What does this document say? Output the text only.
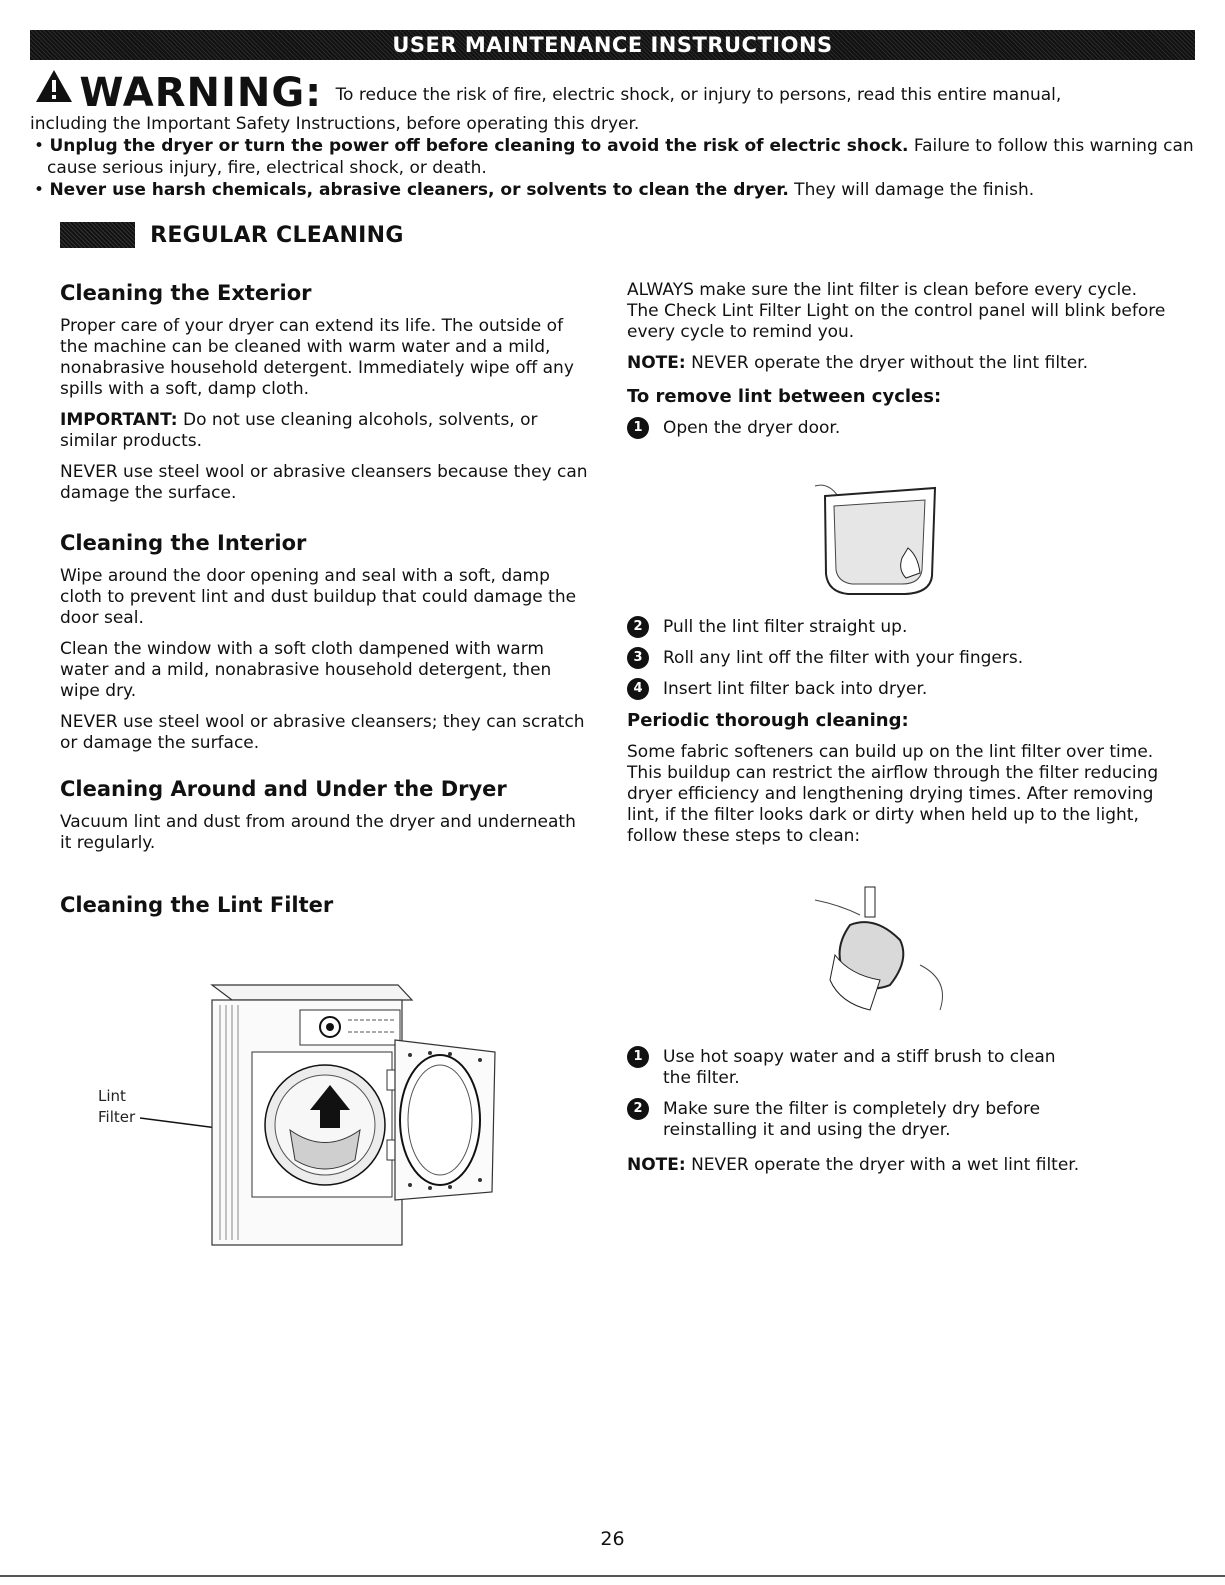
USER MAINTENANCE INSTRUCTIONS
WARNING: To reduce the risk of fire, electric shock, or injury to persons, read this entire manual,
including the Important Safety Instructions, before operating this dryer.
• Unplug the dryer or turn the power off before cleaning to avoid the risk of electric shock. Failure to follow this warning can cause serious injury, fire, electrical shock, or death.
• Never use harsh chemicals, abrasive cleaners, or solvents to clean the dryer. They will damage the finish.
REGULAR CLEANING
Cleaning the Exterior

Proper care of your dryer can extend its life. The outside of the machine can be cleaned with warm water and a mild, nonabrasive household detergent. Immediately wipe off any spills with a soft, damp cloth.

IMPORTANT: Do not use cleaning alcohols, solvents, or similar products.

NEVER use steel wool or abrasive cleansers because they can damage the surface.

Cleaning the Interior

Wipe around the door opening and seal with a soft, damp cloth to prevent lint and dust buildup that could damage the door seal.

Clean the window with a soft cloth dampened with warm water and a mild, nonabrasive household detergent, then wipe dry.

NEVER use steel wool or abrasive cleansers; they can scratch or damage the surface.

Cleaning Around and Under the Dryer

Vacuum lint and dust from around the dryer and underneath it regularly.

Cleaning the Lint Filter
Lint
Filter

ALWAYS make sure the lint filter is clean before every cycle. The Check Lint Filter Light on the control panel will blink before every cycle to remind you.

NOTE: NEVER operate the dryer without the lint filter.

To remove lint between cycles:
1	Open the dryer door.
2	Pull the lint filter straight up.
3	Roll any lint off the filter with your fingers.
4	Insert lint filter back into dryer.
Periodic thorough cleaning:

Some fabric softeners can build up on the lint filter over time. This buildup can restrict the airflow through the filter reducing dryer efficiency and lengthening drying times. After removing lint, if the filter looks dark or dirty when held up to the light, follow these steps to clean:

1	Use hot soapy water and a stiff brush to clean the filter.
2	Make sure the filter is completely dry before reinstalling it and using the dryer.

NOTE: NEVER operate the dryer with a wet lint filter.

26
